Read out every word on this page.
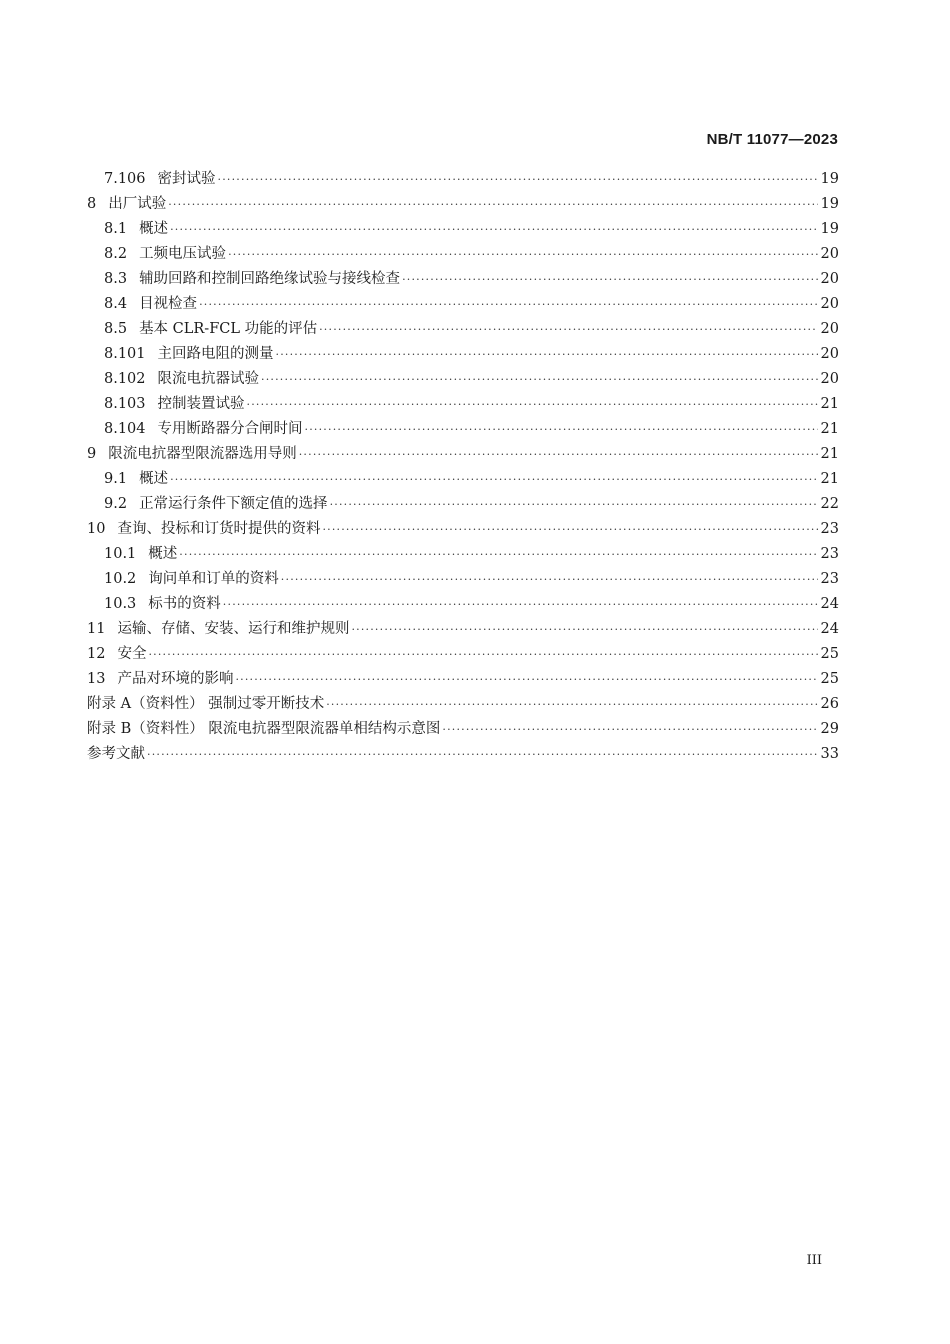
NB/T 11077—2023
7.106 密封试验 ·····	19
8 出厂试验 ·····	19
8.1 概述 ·····	19
8.2 工频电压试验 ·····	20
8.3 辅助回路和控制回路绝缘试验与接线检查 ·····	20
8.4 目视检查 ·····	20
8.5 基本 CLR-FCL 功能的评估 ·····	20
8.101 主回路电阻的测量 ·····	20
8.102 限流电抗器试验 ·····	20
8.103 控制装置试验 ·····	21
8.104 专用断路器分合闸时间 ·····	21
9 限流电抗器型限流器选用导则 ·····	21
9.1 概述 ·····	21
9.2 正常运行条件下额定值的选择 ·····	22
10 查询、投标和订货时提供的资料 ·····	23
10.1 概述 ·····	23
10.2 询问单和订单的资料 ·····	23
10.3 标书的资料 ·····	24
11 运输、存储、安装、运行和维护规则 ·····	24
12 安全 ·····	25
13 产品对环境的影响 ·····	25
附录 A（资料性） 强制过零开断技术 ·····	26
附录 B（资料性） 限流电抗器型限流器单相结构示意图 ·····	29
参考文献 ·····	33
III
